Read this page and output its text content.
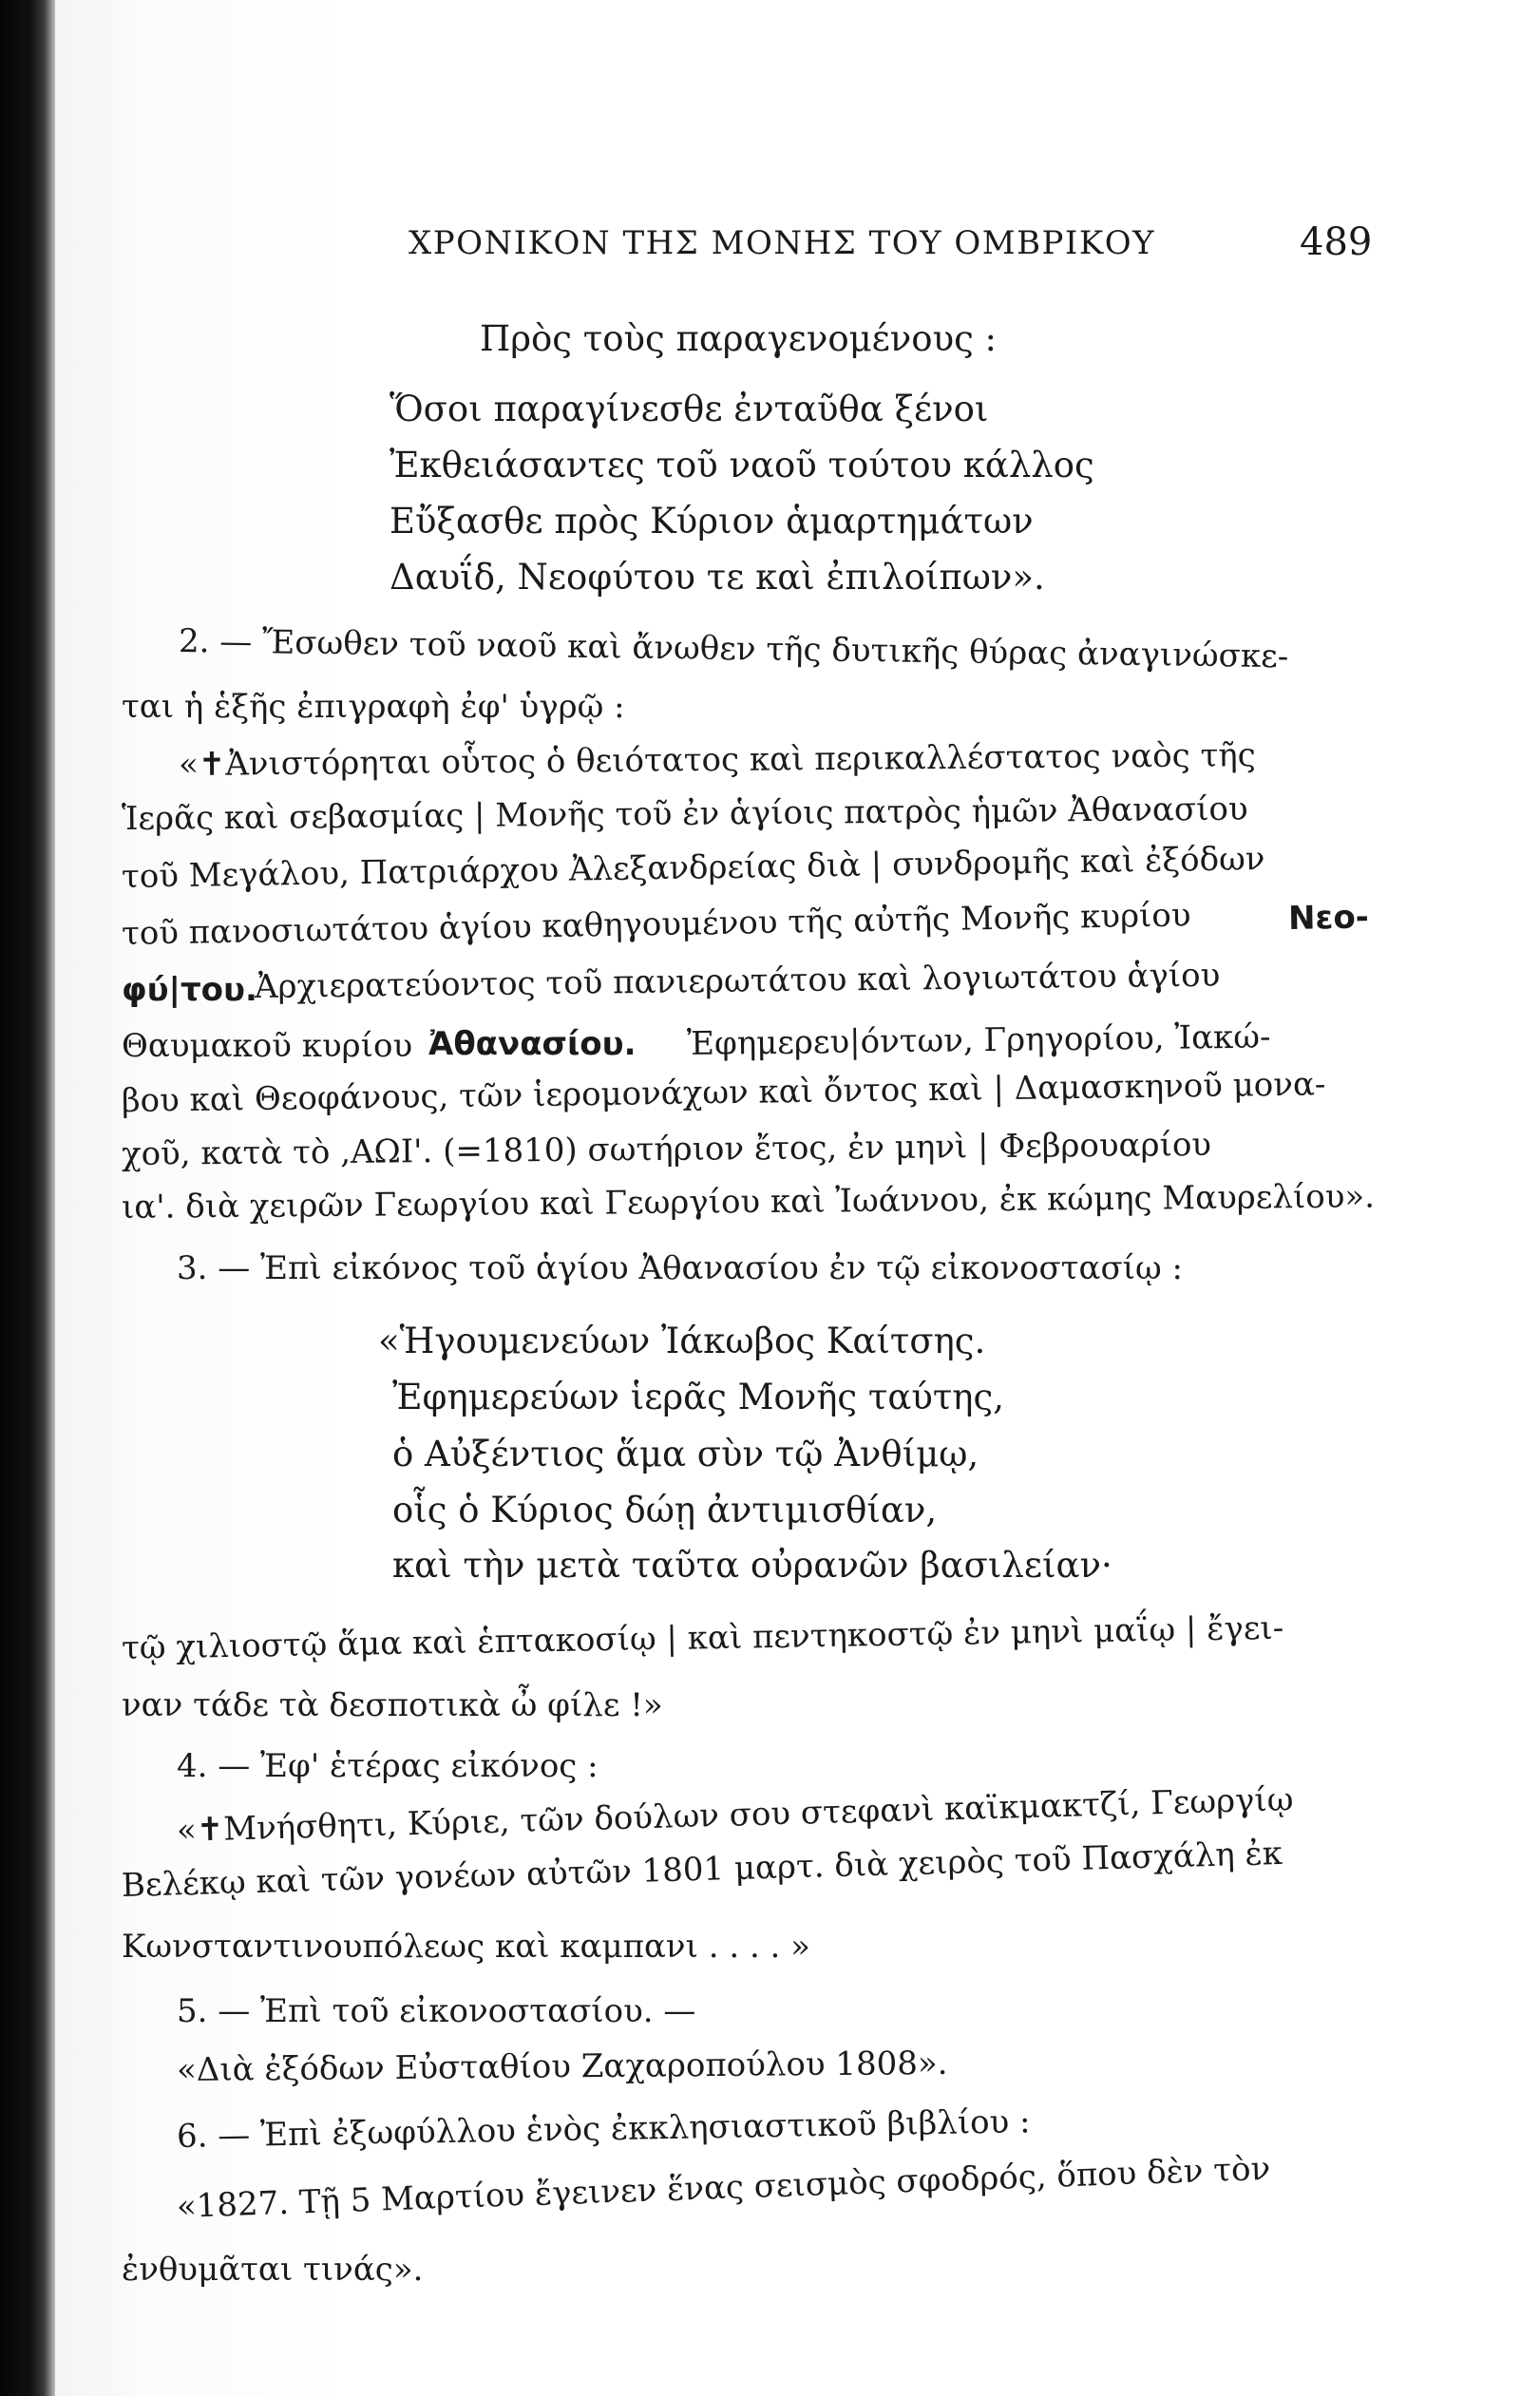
ΧΡΟΝΙΚΟΝ ΤΗΣ ΜΟΝΗΣ ΤΟΥ ΟΜΒΡΙΚΟΥ	489
Πρὸς τοὺς παραγενομένους :
Ὅσοι παραγίνεσθε ἐνταῦθα ξένοι
Ἐκθειάσαντες τοῦ ναοῦ τούτου κάλλος
Εὔξασθε πρὸς Κύριον ἁμαρτημάτων
Δαυΐδ, Νεοφύτου τε καὶ ἐπιλοίπων».
2. — Ἔσωθεν τοῦ ναοῦ καὶ ἄνωθεν τῆς δυτικῆς θύρας ἀναγινώσκε-
ται ἡ ἑξῆς ἐπιγραφὴ ἐφ' ὑγρῷ :
«✝Ἀνιστόρηται οὗτος ὁ θειότατος καὶ περικαλλέστατος ναὸς τῆς
Ἱερᾶς καὶ σεβασμίας | Μονῆς τοῦ ἐν ἁγίοις πατρὸς ἡμῶν Ἀθανασίου
τοῦ Μεγάλου, Πατριάρχου Ἀλεξανδρείας διὰ | συνδρομῆς καὶ ἐξόδων
τοῦ πανοσιωτάτου ἁγίου καθηγουμένου τῆς αὐτῆς Μονῆς κυρίου	Νεο-
φύ|του.
Ἀρχιερατεύοντος τοῦ πανιερωτάτου καὶ λογιωτάτου ἁγίου
Θαυμακοῦ κυρίου Ἀθανασίου. Ἐφημερευ|όντων, Γρηγορίου, Ἰακώ-
βου καὶ Θεοφάνους, τῶν ἱερομονάχων καὶ ὄντος καὶ | Δαμασκηνοῦ μονα-
χοῦ, κατὰ τὸ ,ΑΩΙ'. (=1810) σωτήριον ἔτος, ἐν μηνὶ | Φεβρουαρίου
ια'. διὰ χειρῶν Γεωργίου καὶ Γεωργίου καὶ Ἰωάννου, ἐκ κώμης Μαυρελίου».
3. — Ἐπὶ εἰκόνος τοῦ ἁγίου Ἀθανασίου ἐν τῷ εἰκονοστασίῳ :
«Ἡγουμενεύων Ἰάκωβος Καίτσης.
Ἐφημερεύων ἱερᾶς Μονῆς ταύτης,
ὁ Αὐξέντιος ἅμα σὺν τῷ Ἀνθίμῳ,
οἷς ὁ Κύριος δώῃ ἀντιμισθίαν,
καὶ τὴν μετὰ ταῦτα οὐρανῶν βασιλείαν·
τῷ χιλιοστῷ ἅμα καὶ ἑπτακοσίῳ | καὶ πεντηκοστῷ ἐν μηνὶ μαΐῳ | ἔγει-
ναν τάδε τὰ δεσποτικὰ ὦ φίλε !»
4. — Ἐφ' ἑτέρας εἰκόνος :
«✝Μνήσθητι, Κύριε, τῶν δούλων σου στεφανὶ καϊκμακτζί, Γεωργίῳ
Βελέκῳ καὶ τῶν γονέων αὐτῶν 1801 μαρτ. διὰ χειρὸς τοῦ Πασχάλη ἐκ
Κωνσταντινουπόλεως καὶ καμπανι . . . . »
5. — Ἐπὶ τοῦ εἰκονοστασίου. —
«Διὰ ἐξόδων Εὐσταθίου Ζαχαροπούλου 1808».
6. — Ἐπὶ ἐξωφύλλου ἑνὸς ἐκκλησιαστικοῦ βιβλίου :
«1827. Τῇ 5 Μαρτίου ἔγεινεν ἕνας σεισμὸς σφοδρός, ὅπου δὲν τὸν
ἐνθυμᾶται τινάς».
